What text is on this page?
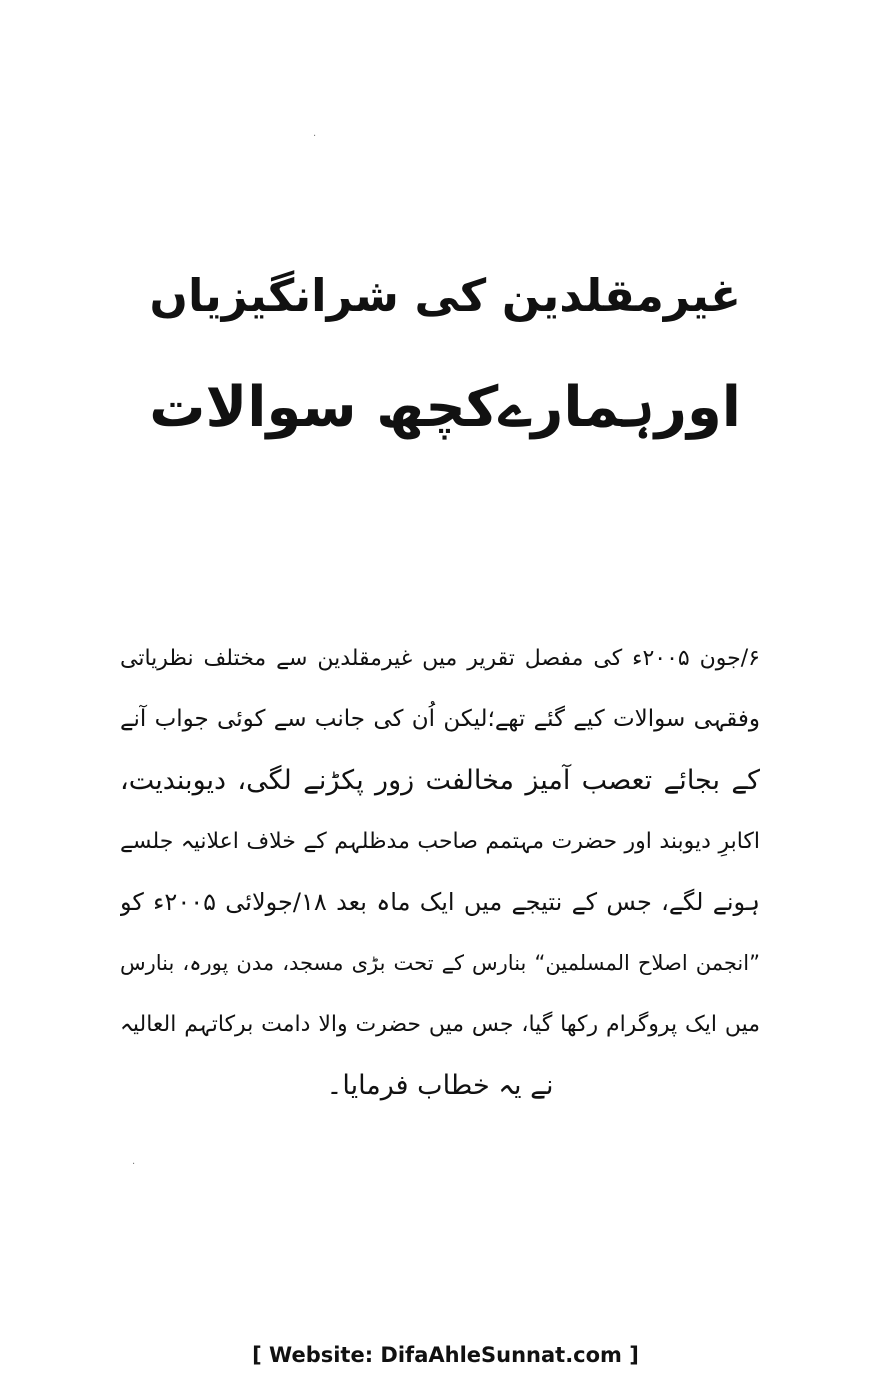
·
·
غیرمقلدین کی شرانگیزیاں
اورہمارےکچھ سوالات
۶/جون ۲۰۰۵ء کی مفصل تقریر میں غیرمقلدین سے مختلف نظریاتی
وفقہی سوالات کیے گئے تھے؛لیکن اُن کی جانب سے کوئی جواب آنے
کے بجائے تعصب آمیز مخالفت زور پکڑنے لگی، دیوبندیت،
اکابرِ دیوبند اور حضرت مہتمم صاحب مدظلہم کے خلاف اعلانیہ جلسے
ہونے لگے، جس کے نتیجے میں ایک ماہ بعد ۱۸/جولائی ۲۰۰۵ء کو
”انجمن اصلاح المسلمین“ بنارس کے تحت بڑی مسجد، مدن پورہ، بنارس
میں ایک پروگرام رکھا گیا، جس میں حضرت والا دامت برکاتہم العالیہ
نے یہ خطاب فرمایا۔
[ Website: DifaAhleSunnat.com ]
